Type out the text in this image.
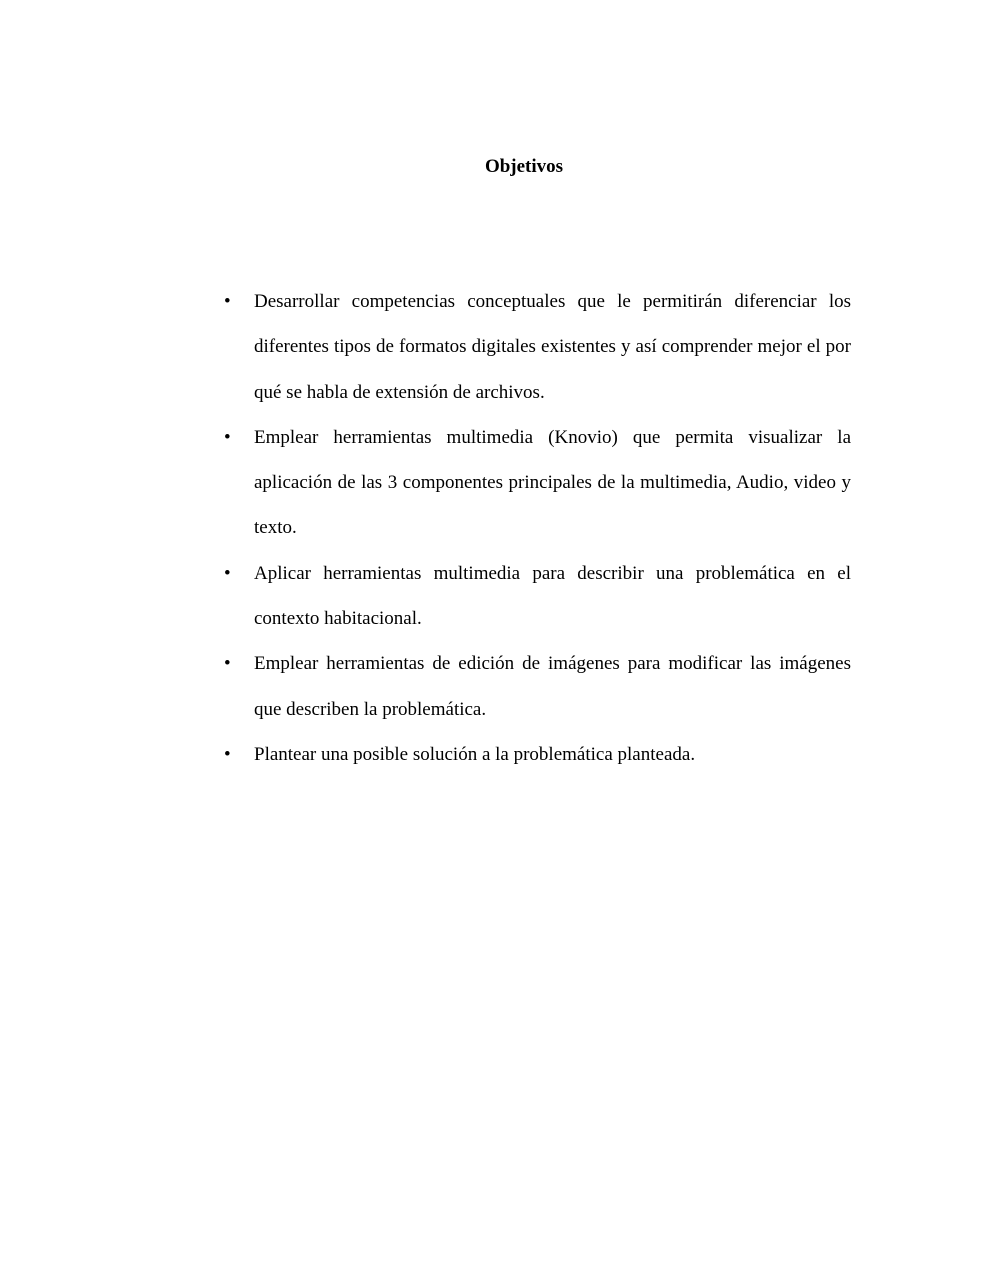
Objetivos
• Desarrollar competencias conceptuales que le permitirán diferenciar los diferentes tipos de formatos digitales existentes y así comprender mejor el por qué se habla de extensión de archivos.
• Emplear herramientas multimedia (Knovio) que permita visualizar la aplicación de las 3 componentes principales de la multimedia, Audio, video y texto.
• Aplicar herramientas multimedia para describir una problemática en el contexto habitacional.
• Emplear herramientas de edición de imágenes para modificar las imágenes que describen la problemática.
• Plantear una posible solución a la problemática planteada.
